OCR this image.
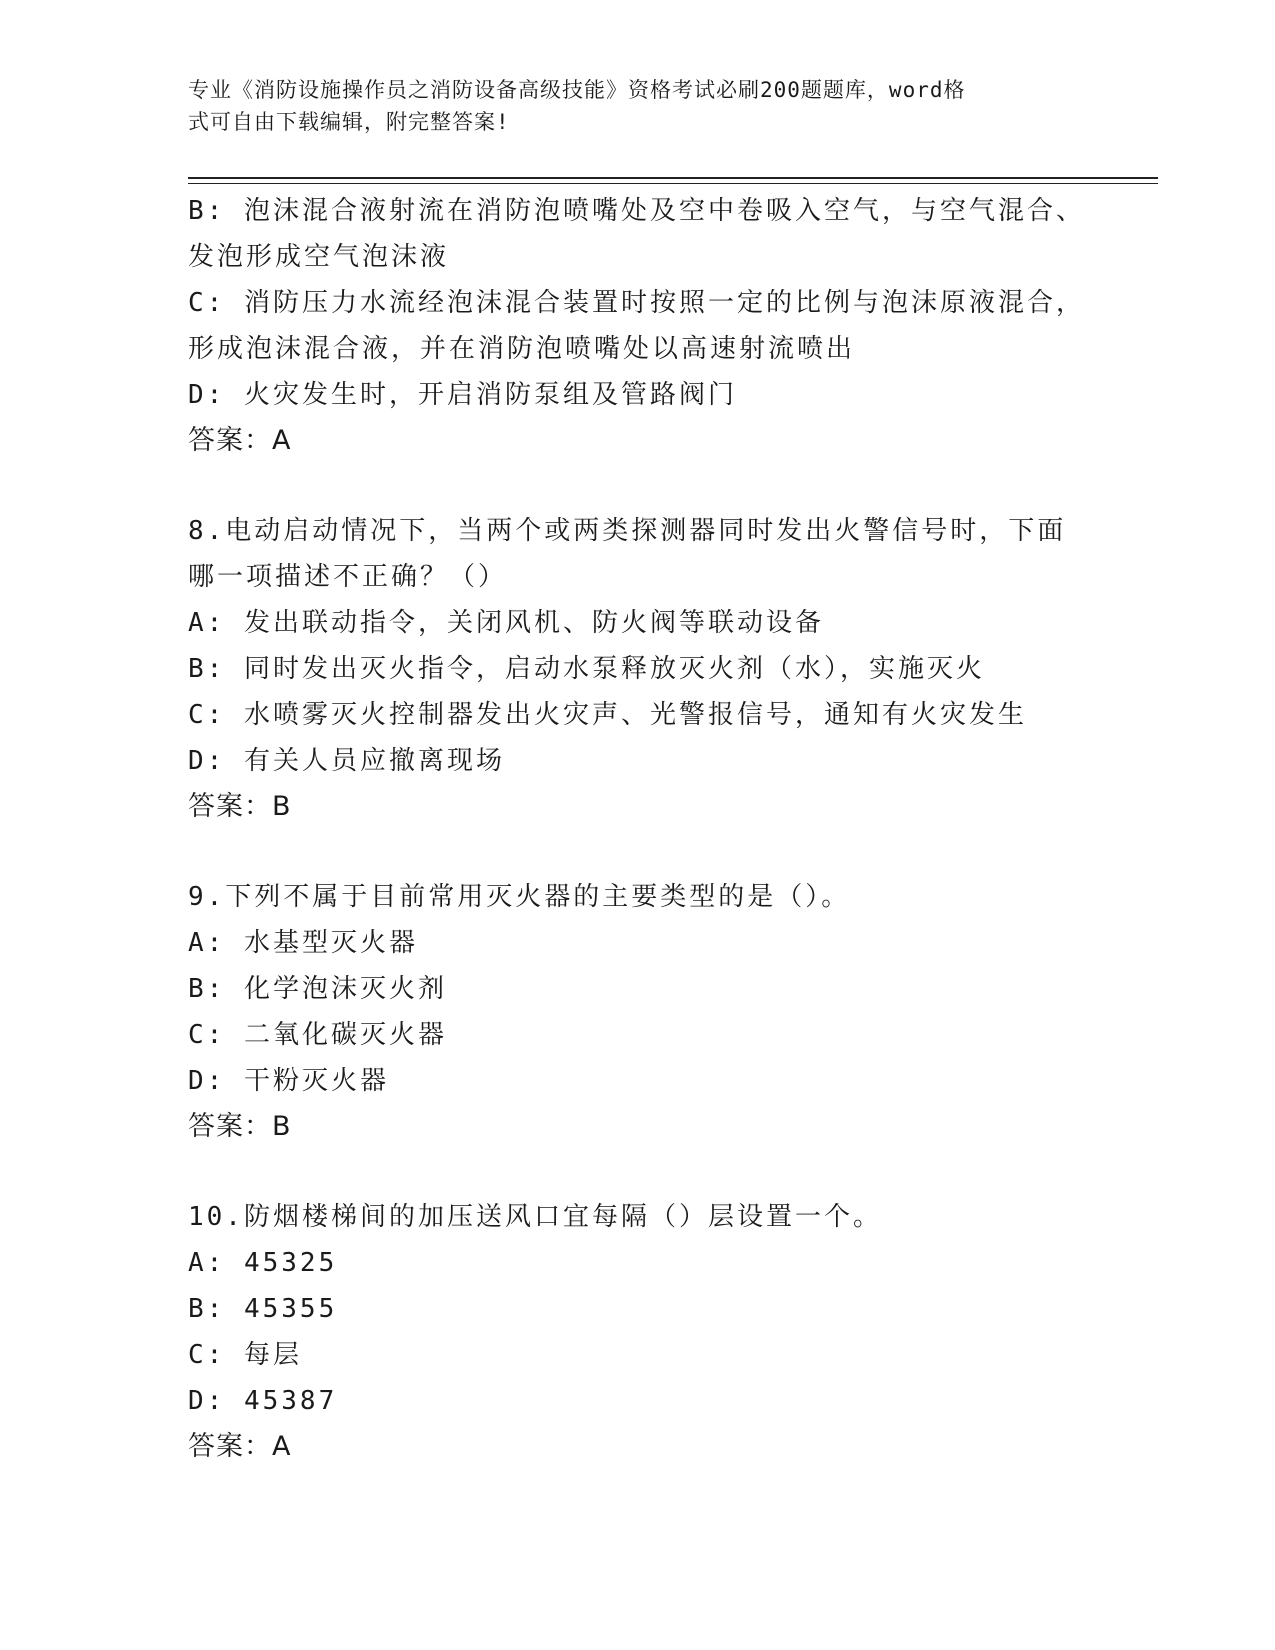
专业《消防设施操作员之消防设备高级技能》资格考试必刷200题题库，word格
式可自由下载编辑，附完整答案!
B: 泡沫混合液射流在消防泡喷嘴处及空中卷吸入空气，与空气混合、
发泡形成空气泡沫液
C: 消防压力水流经泡沫混合装置时按照一定的比例与泡沫原液混合，
形成泡沫混合液，并在消防泡喷嘴处以高速射流喷出
D: 火灾发生时，开启消防泵组及管路阀门
答案：A
8.电动启动情况下，当两个或两类探测器同时发出火警信号时，下面
哪一项描述不正确？（）
A: 发出联动指令，关闭风机、防火阀等联动设备
B: 同时发出灭火指令，启动水泵释放灭火剂（水），实施灭火
C: 水喷雾灭火控制器发出火灾声、光警报信号，通知有火灾发生
D: 有关人员应撤离现场
答案：B
9.下列不属于目前常用灭火器的主要类型的是（）。
A: 水基型灭火器
B: 化学泡沫灭火剂
C: 二氧化碳灭火器
D: 干粉灭火器
答案：B
10.防烟楼梯间的加压送风口宜每隔（）层设置一个。
A: 45325
B: 45355
C: 每层
D: 45387
答案：A
